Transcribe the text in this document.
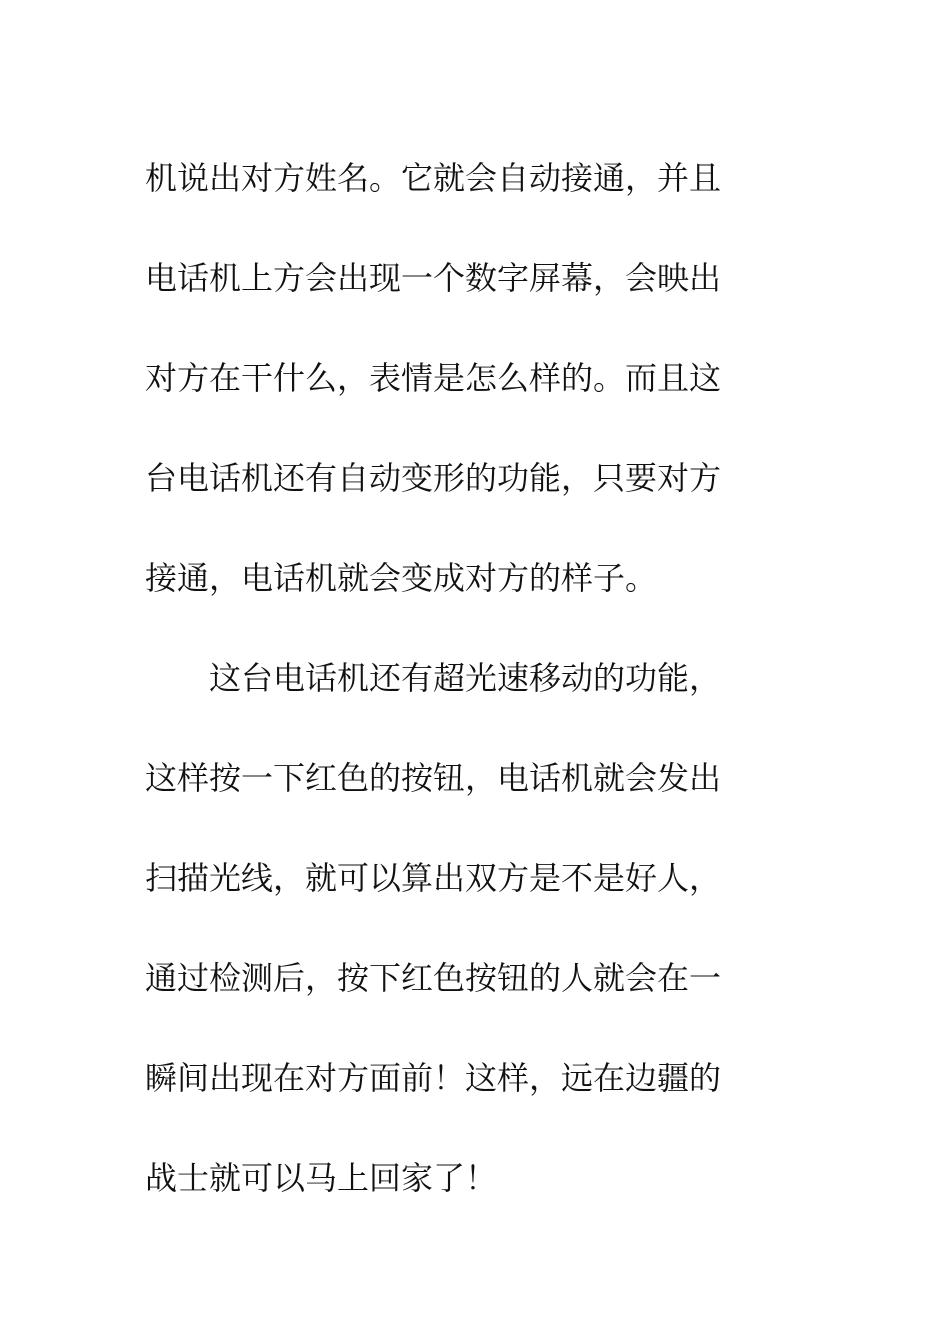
机说出对方姓名。它就会自动接通，并且
电话机上方会出现一个数字屏幕，会映出
对方在干什么，表情是怎么样的。而且这
台电话机还有自动变形的功能，只要对方
接通，电话机就会变成对方的样子。
　　这台电话机还有超光速移动的功能，
这样按一下红色的按钮，电话机就会发出
扫描光线，就可以算出双方是不是好人，
通过检测后，按下红色按钮的人就会在一
瞬间出现在对方面前！这样，远在边疆的
战士就可以马上回家了！
